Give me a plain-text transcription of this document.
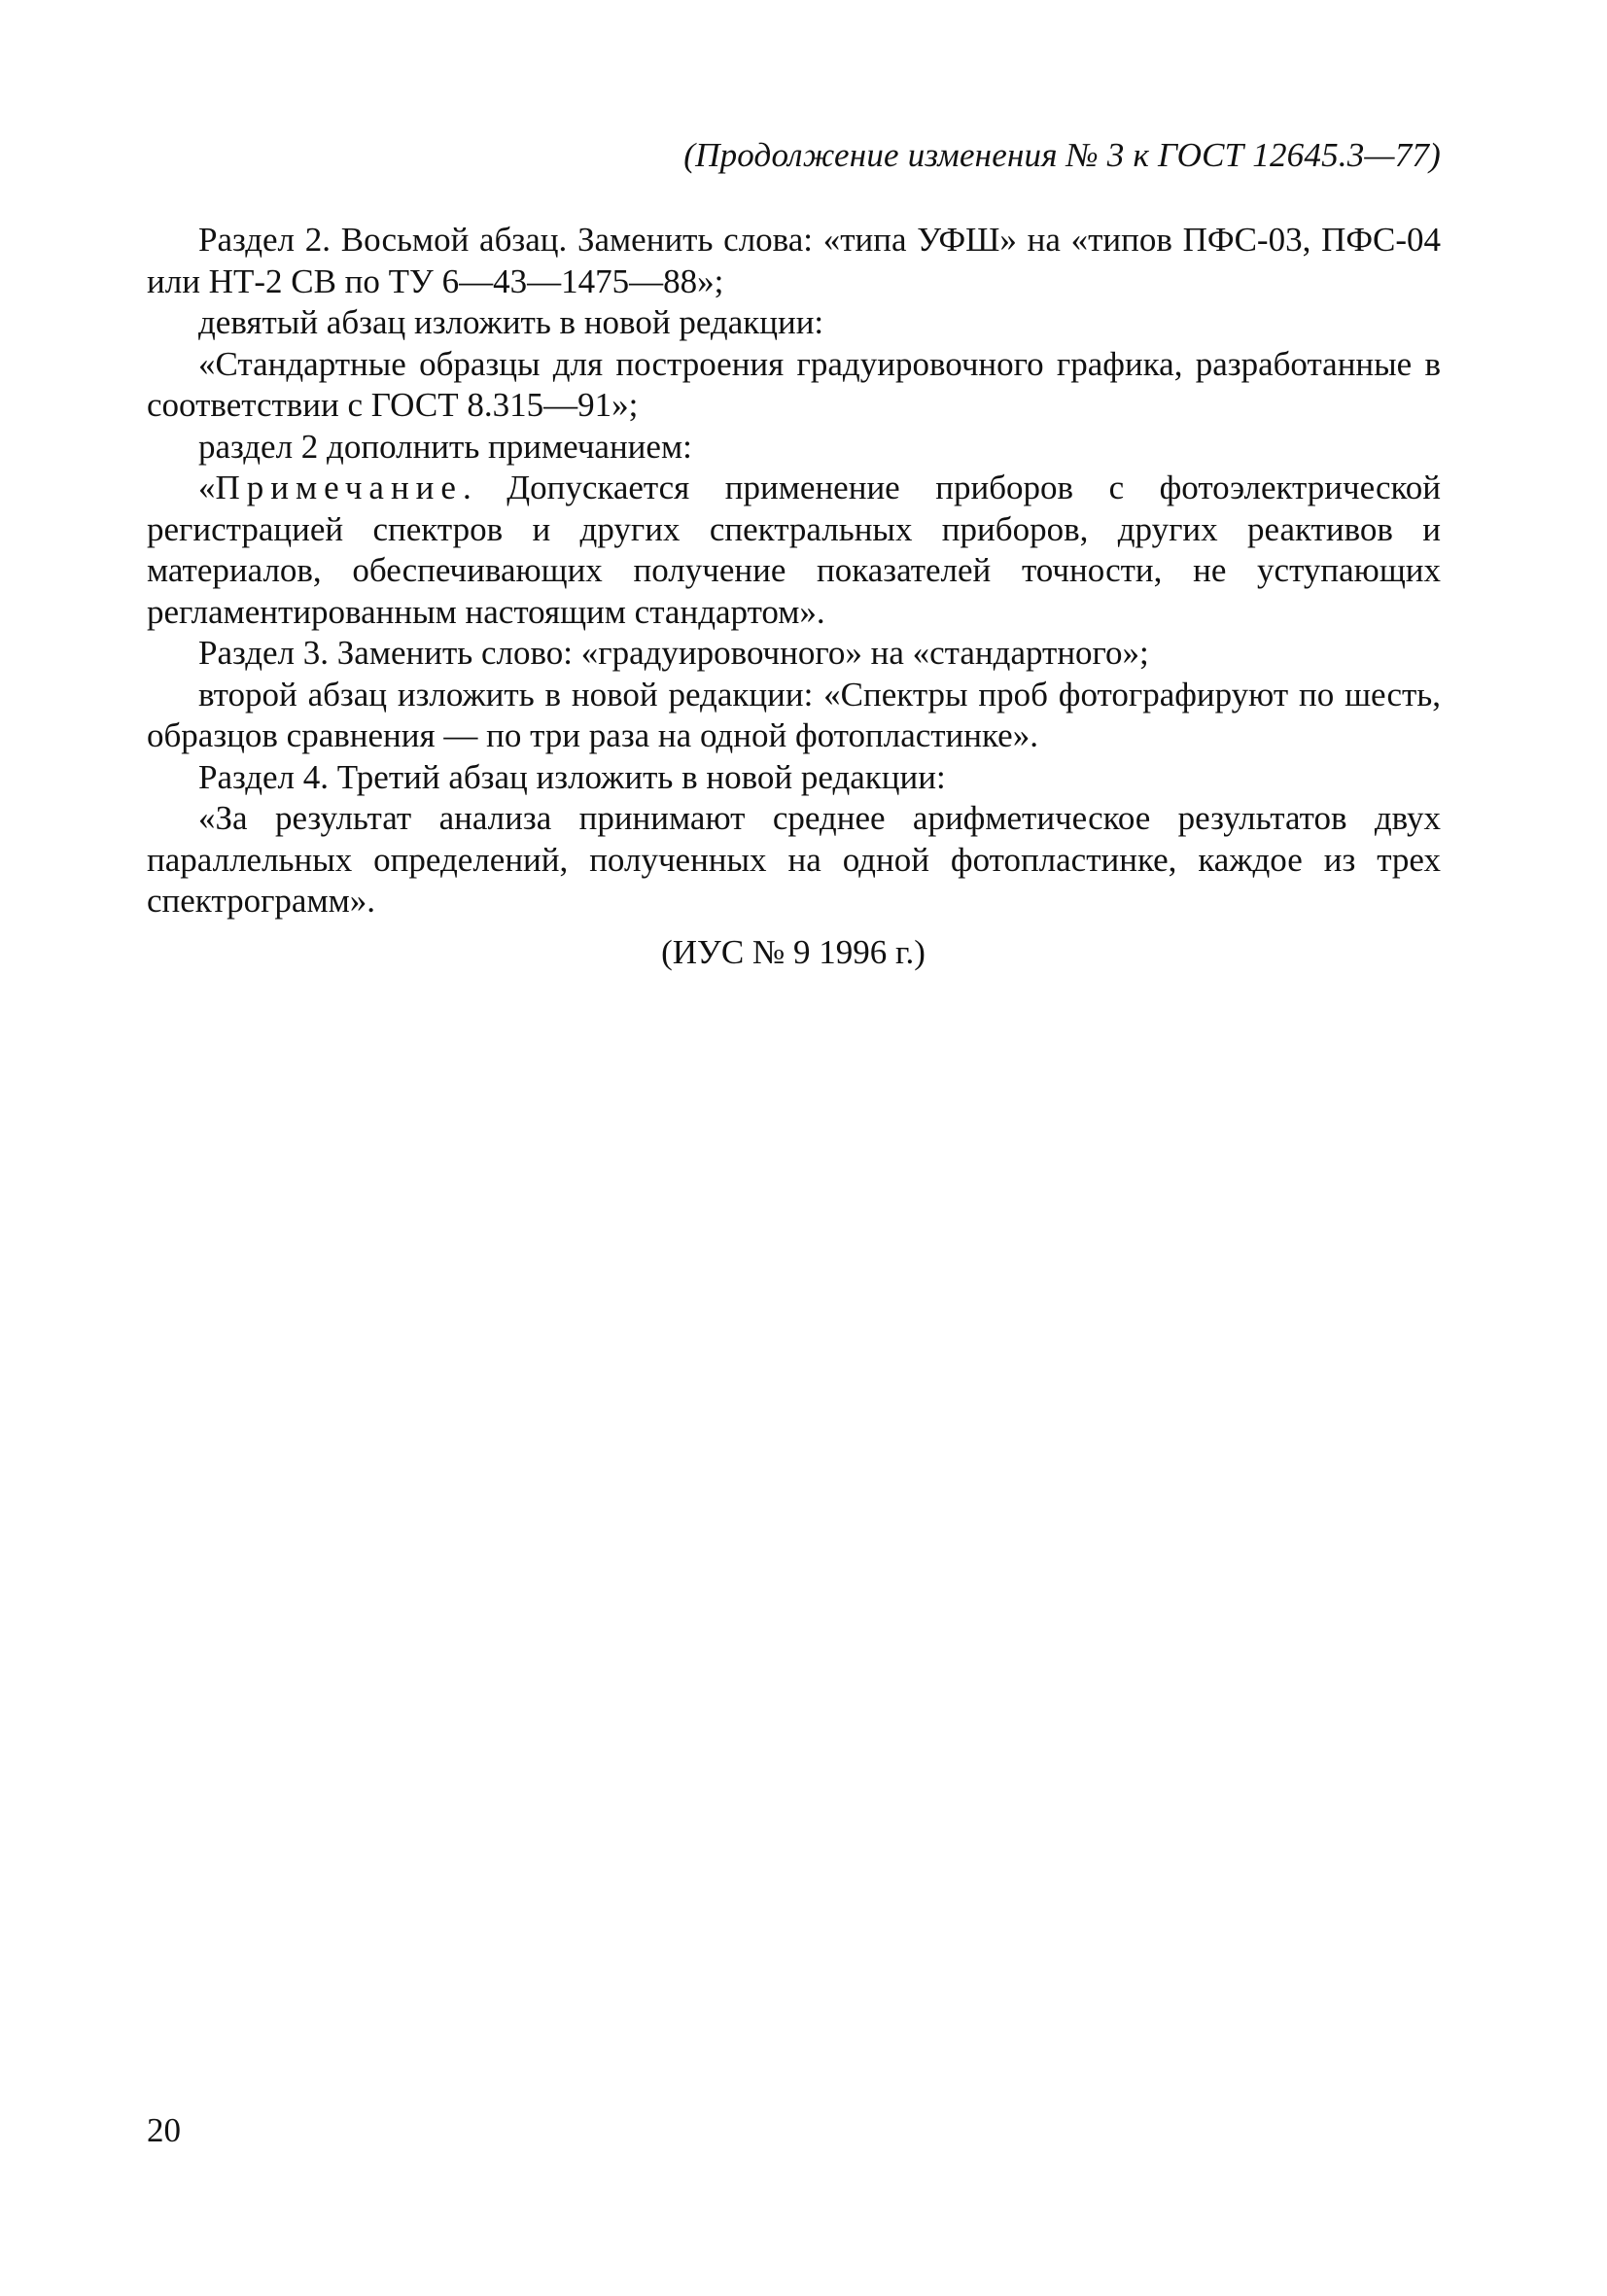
(Продолжение изменения № 3 к ГОСТ 12645.3—77)

Раздел 2. Восьмой абзац. Заменить слова: «типа УФШ» на «типов ПФС-03, ПФС-04 или НТ-2 СВ по ТУ 6—43—1475—88»;

девятый абзац изложить в новой редакции:

«Стандартные образцы для построения градуировочного графика, разработанные в соответствии с ГОСТ 8.315—91»;

раздел 2 дополнить примечанием:

«Примечание. Допускается применение приборов с фотоэлектрической регистрацией спектров и других спектральных приборов, других реактивов и материалов, обеспечивающих получение показателей точности, не уступающих регламентированным настоящим стандартом».

Раздел 3. Заменить слово: «градуировочного» на «стандартного»;

второй абзац изложить в новой редакции: «Спектры проб фотографируют по шесть, образцов сравнения — по три раза на одной фотопластинке».

Раздел 4. Третий абзац изложить в новой редакции:

«За результат анализа принимают среднее арифметическое результатов двух параллельных определений, полученных на одной фотопластинке, каждое из трех спектрограмм».

(ИУС № 9 1996 г.)
20
